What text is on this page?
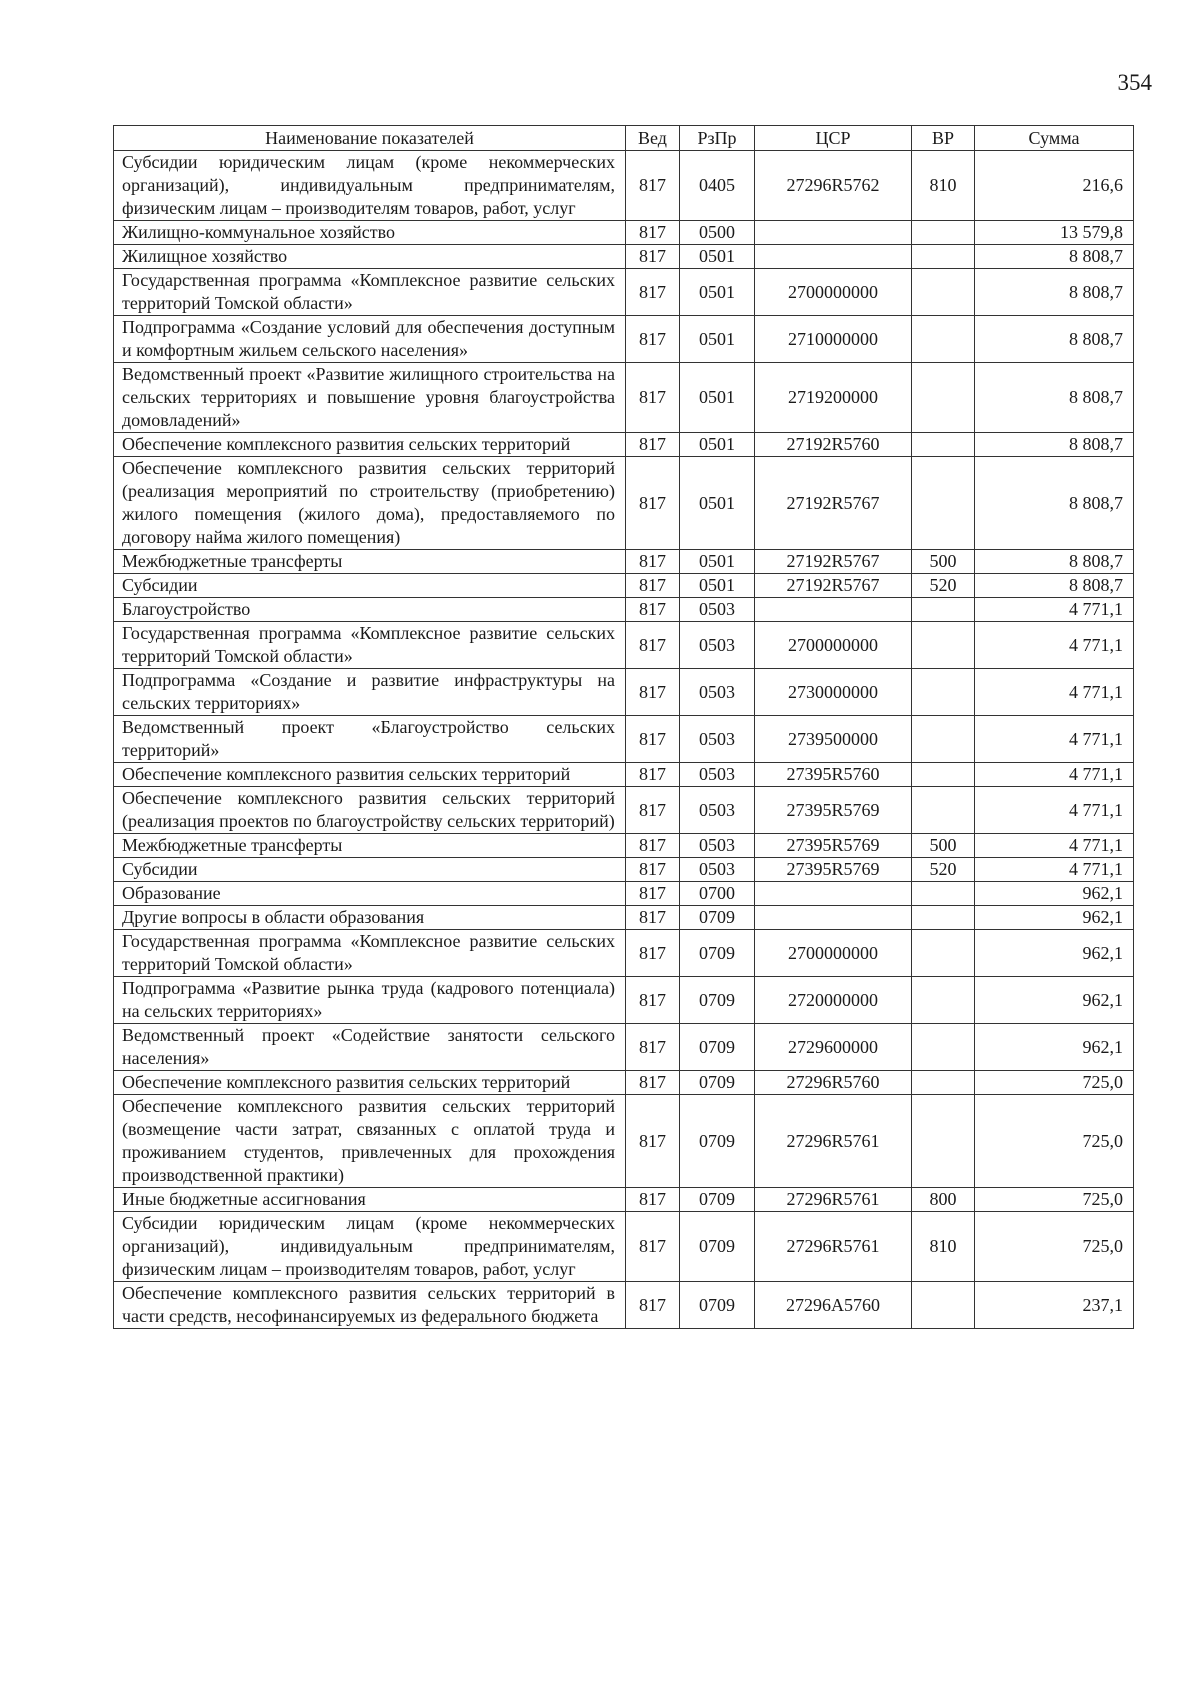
354
Наименование показателей	Вед	РзПр	ЦСР	ВР	Сумма
Субсидии юридическим лицам (кроме некоммерческих организаций), индивидуальным предпринимателям, физическим лицам – производителям товаров, работ, услуг	817	0405	27296R5762	810	216,6
Жилищно-коммунальное хозяйство	817	0500			13 579,8
Жилищное хозяйство	817	0501			8 808,7
Государственная программа «Комплексное развитие сельских территорий Томской области»	817	0501	2700000000		8 808,7
Подпрограмма «Создание условий для обеспечения доступным и комфортным жильем сельского населения»	817	0501	2710000000		8 808,7
Ведомственный проект «Развитие жилищного строительства на сельских территориях и повышение уровня благоустройства домовладений»	817	0501	2719200000		8 808,7
Обеспечение комплексного развития сельских территорий	817	0501	27192R5760		8 808,7
Обеспечение комплексного развития сельских территорий (реализация мероприятий по строительству (приобретению) жилого помещения (жилого дома), предоставляемого по договору найма жилого помещения)	817	0501	27192R5767		8 808,7
Межбюджетные трансферты	817	0501	27192R5767	500	8 808,7
Субсидии	817	0501	27192R5767	520	8 808,7
Благоустройство	817	0503			4 771,1
Государственная программа «Комплексное развитие сельских территорий Томской области»	817	0503	2700000000		4 771,1
Подпрограмма «Создание и развитие инфраструктуры на сельских территориях»	817	0503	2730000000		4 771,1
Ведомственный проект «Благоустройство сельских территорий»	817	0503	2739500000		4 771,1
Обеспечение комплексного развития сельских территорий	817	0503	27395R5760		4 771,1
Обеспечение комплексного развития сельских территорий (реализация проектов по благоустройству сельских территорий)	817	0503	27395R5769		4 771,1
Межбюджетные трансферты	817	0503	27395R5769	500	4 771,1
Субсидии	817	0503	27395R5769	520	4 771,1
Образование	817	0700			962,1
Другие вопросы в области образования	817	0709			962,1
Государственная программа «Комплексное развитие сельских территорий Томской области»	817	0709	2700000000		962,1
Подпрограмма «Развитие рынка труда (кадрового потенциала) на сельских территориях»	817	0709	2720000000		962,1
Ведомственный проект «Содействие занятости сельского населения»	817	0709	2729600000		962,1
Обеспечение комплексного развития сельских территорий	817	0709	27296R5760		725,0
Обеспечение комплексного развития сельских территорий (возмещение части затрат, связанных с оплатой труда и проживанием студентов, привлеченных для прохождения производственной практики)	817	0709	27296R5761		725,0
Иные бюджетные ассигнования	817	0709	27296R5761	800	725,0
Субсидии юридическим лицам (кроме некоммерческих организаций), индивидуальным предпринимателям, физическим лицам – производителям товаров, работ, услуг	817	0709	27296R5761	810	725,0
Обеспечение комплексного развития сельских территорий в части средств, несофинансируемых из федерального бюджета	817	0709	27296A5760		237,1
